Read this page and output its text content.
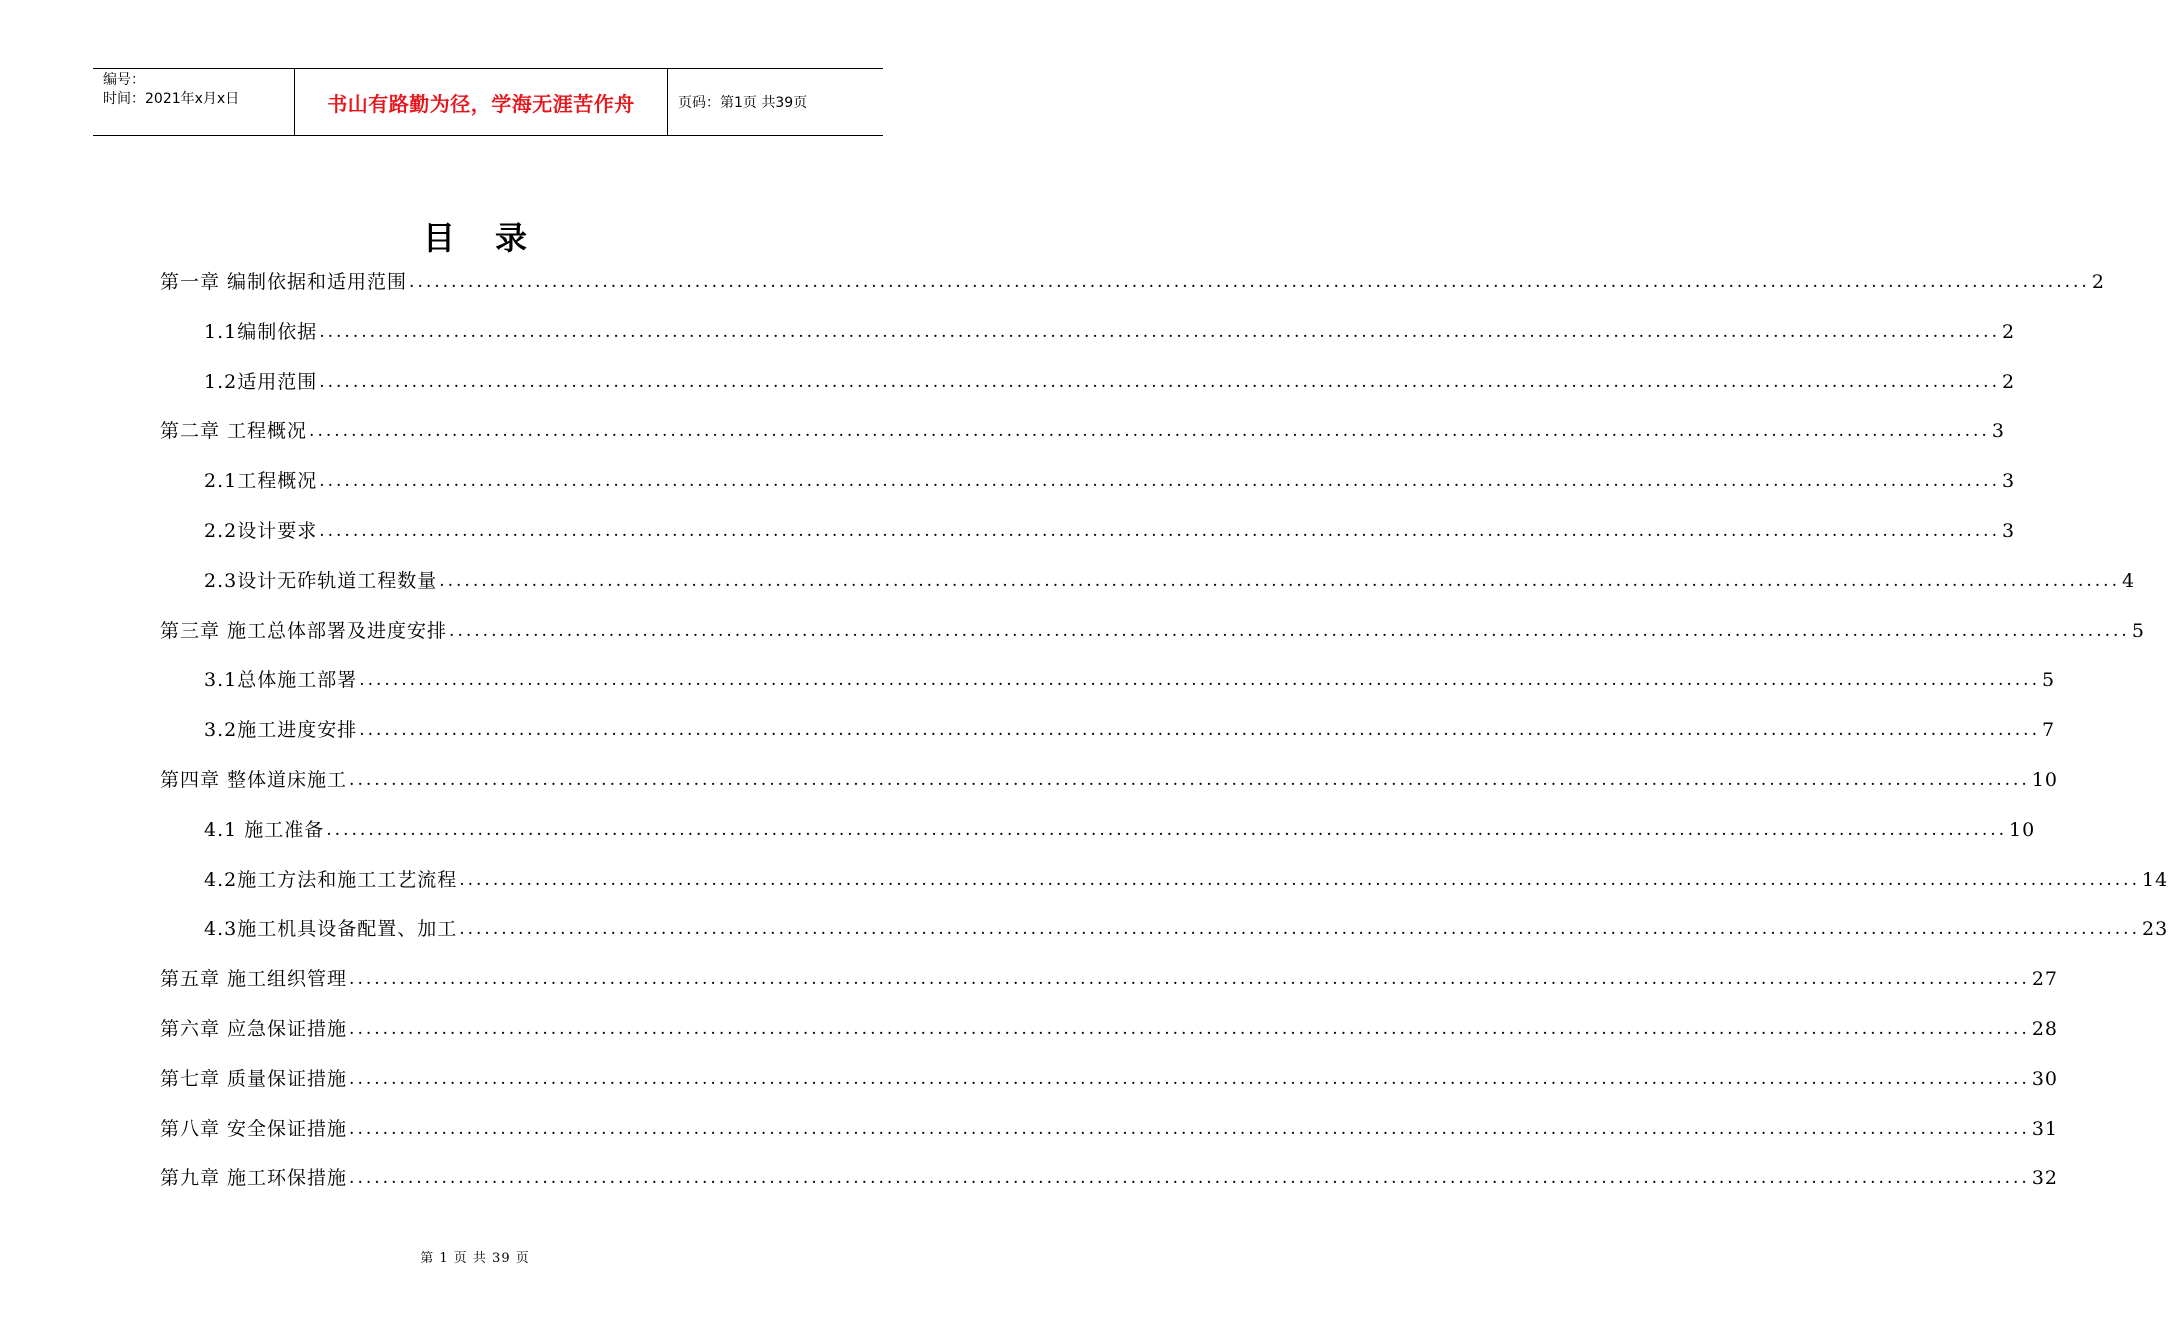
编号：
时间：2021年x月x日	书山有路勤为径，学海无涯苦作舟	页码：第1页 共39页
目录
第一章 编制依据和适用范围 ........................................................................................................................................................................................................ 2
1.1编制依据 ........................................................................................................................................................................................................ 2
1.2适用范围 ........................................................................................................................................................................................................ 2
第二章 工程概况 ........................................................................................................................................................................................................ 3
2.1工程概况 ........................................................................................................................................................................................................ 3
2.2设计要求 ........................................................................................................................................................................................................ 3
2.3设计无砟轨道工程数量 ........................................................................................................................................................................................................ 4
第三章 施工总体部署及进度安排 ........................................................................................................................................................................................................ 5
3.1总体施工部署 ........................................................................................................................................................................................................ 5
3.2施工进度安排 ........................................................................................................................................................................................................ 7
第四章 整体道床施工 ........................................................................................................................................................................................................ 10
4.1 施工准备 ........................................................................................................................................................................................................ 10
4.2施工方法和施工工艺流程 ........................................................................................................................................................................................................ 14
4.3施工机具设备配置、加工 ........................................................................................................................................................................................................ 23
第五章 施工组织管理 ........................................................................................................................................................................................................ 27
第六章 应急保证措施 ........................................................................................................................................................................................................ 28
第七章 质量保证措施 ........................................................................................................................................................................................................ 30
第八章 安全保证措施 ........................................................................................................................................................................................................ 31
第九章 施工环保措施 ........................................................................................................................................................................................................ 32
第 1 页 共 39 页
